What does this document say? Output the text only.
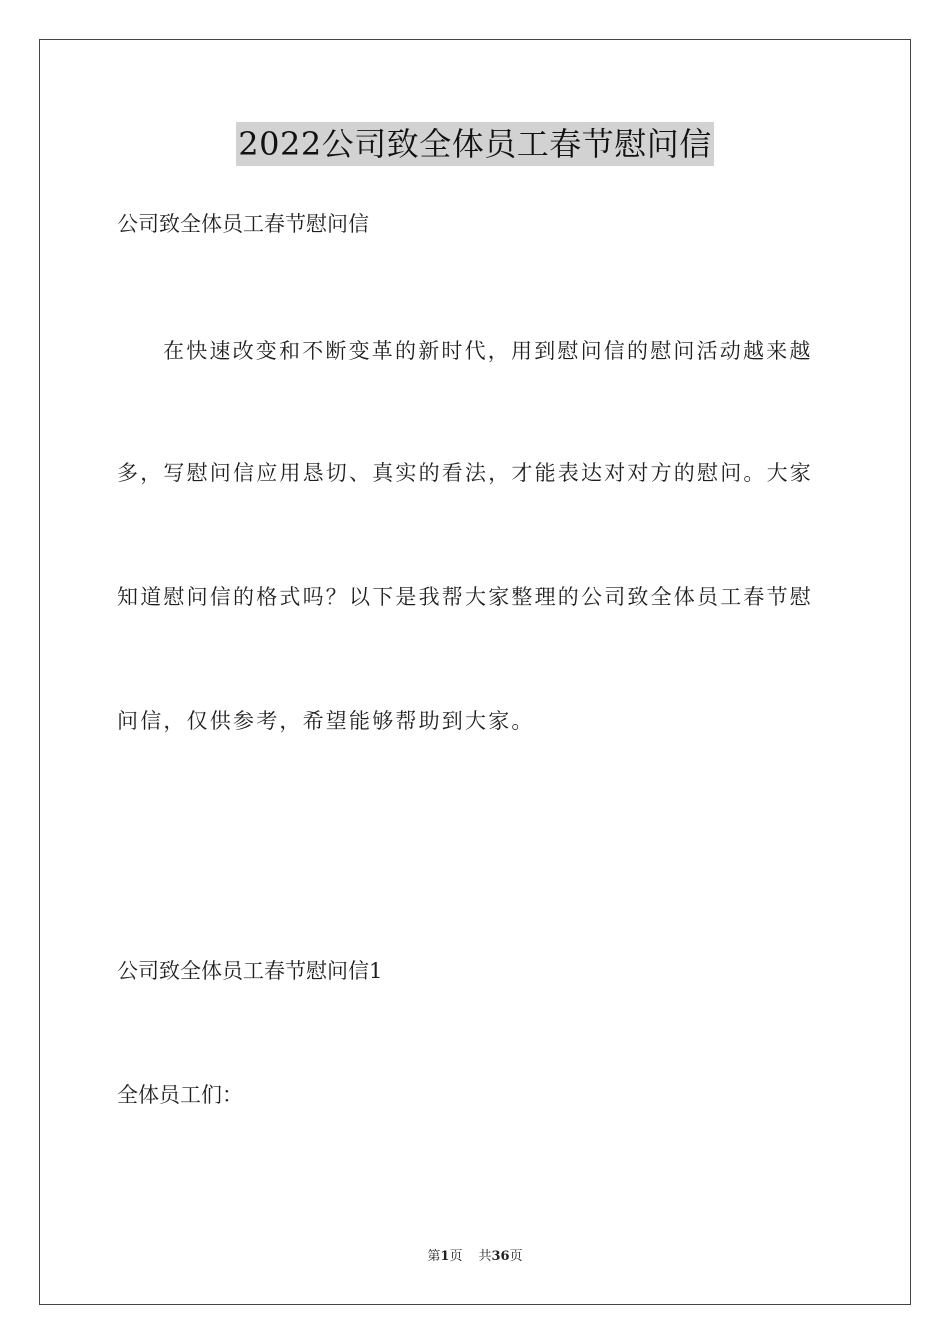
2022公司致全体员工春节慰问信
公司致全体员工春节慰问信
在快速改变和不断变革的新时代，用到慰问信的慰问活动越来越
多，写慰问信应用恳切、真实的看法，才能表达对对方的慰问。大家
知道慰问信的格式吗？以下是我帮大家整理的公司致全体员工春节慰
问信，仅供参考，希望能够帮助到大家。
公司致全体员工春节慰问信1
全体员工们：
第1页 共36页
